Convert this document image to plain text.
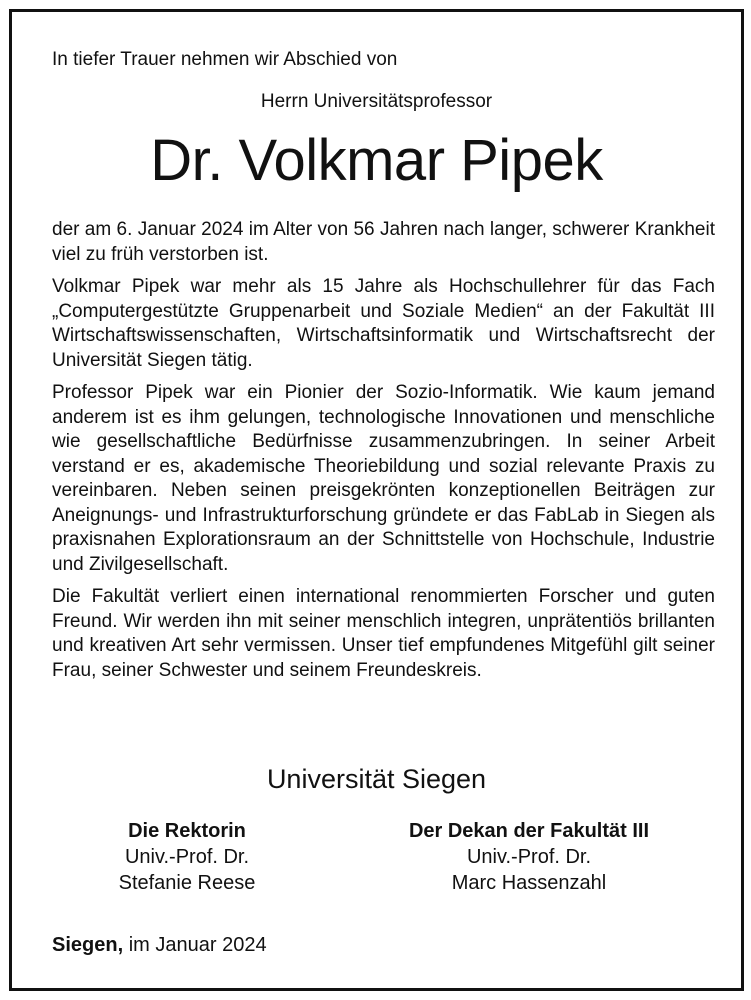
In tiefer Trauer nehmen wir Abschied von

Herrn Universitätsprofessor

Dr. Volkmar Pipek

der am 6. Januar 2024 im Alter von 56 Jahren nach langer, schwerer Krankheit viel zu früh verstorben ist.

Volkmar Pipek war mehr als 15 Jahre als Hochschullehrer für das Fach „Computergestützte Gruppenarbeit und Soziale Medien“ an der Fakultät III Wirtschaftswissenschaften, Wirtschaftsinformatik und Wirtschaftsrecht der Universität Siegen tätig.

Professor Pipek war ein Pionier der Sozio-Informatik. Wie kaum jemand anderem ist es ihm gelungen, technologische Innovationen und menschliche wie gesellschaftliche Bedürfnisse zusammenzubringen. In seiner Arbeit verstand er es, akademische Theoriebildung und sozial relevante Praxis zu vereinbaren. Neben seinen preisgekrönten konzeptionellen Beiträgen zur Aneignungs- und Infrastrukturforschung gründete er das FabLab in Siegen als praxisnahen Explorationsraum an der Schnittstelle von Hochschule, Industrie und Zivilgesellschaft.

Die Fakultät verliert einen international renommierten Forscher und guten Freund. Wir werden ihn mit seiner menschlich integren, unprätentiös brillanten und kreativen Art sehr vermissen. Unser tief empfundenes Mitgefühl gilt seiner Frau, seiner Schwester und seinem Freundeskreis.

Universität Siegen

Die Rektorin
Univ.-Prof. Dr.
Stefanie Reese
Der Dekan der Fakultät III
Univ.-Prof. Dr.
Marc Hassenzahl
Siegen, im Januar 2024
